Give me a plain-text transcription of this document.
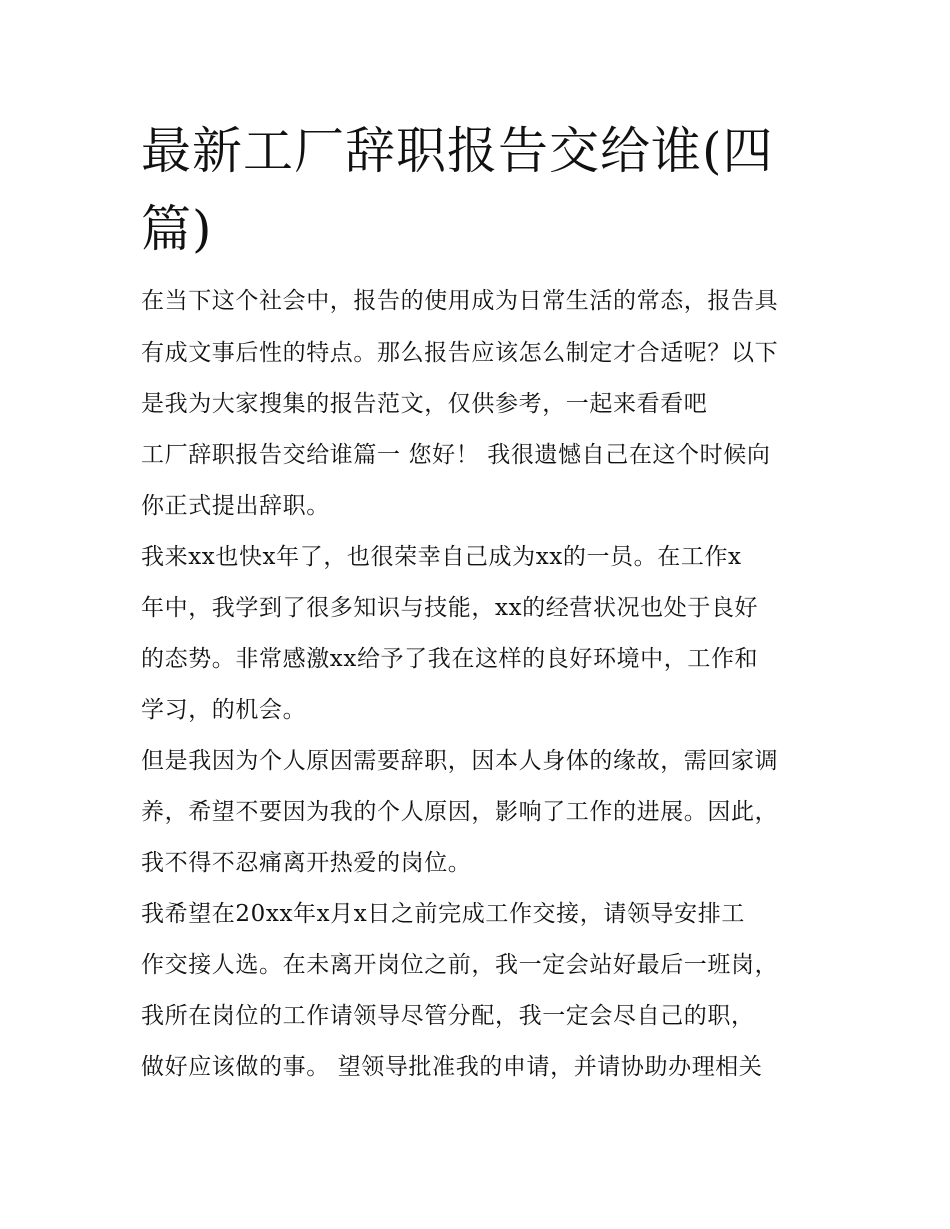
最新工厂辞职报告交给谁(四篇)

在当下这个社会中，报告的使用成为日常生活的常态，报告具

有成文事后性的特点。那么报告应该怎么制定才合适呢？以下

是我为大家搜集的报告范文，仅供参考，一起来看看吧

工厂辞职报告交给谁篇一 您好！ 我很遗憾自己在这个时候向

你正式提出辞职。

我来xx也快x年了，也很荣幸自己成为xx的一员。在工作x

年中，我学到了很多知识与技能，xx的经营状况也处于良好

的态势。非常感激xx给予了我在这样的良好环境中，工作和

学习，的机会。

但是我因为个人原因需要辞职，因本人身体的缘故，需回家调

养，希望不要因为我的个人原因，影响了工作的进展。因此，

我不得不忍痛离开热爱的岗位。

我希望在20xx年x月x日之前完成工作交接，请领导安排工

作交接人选。在未离开岗位之前，我一定会站好最后一班岗，

我所在岗位的工作请领导尽管分配，我一定会尽自己的职，

做好应该做的事。 望领导批准我的申请，并请协助办理相关
